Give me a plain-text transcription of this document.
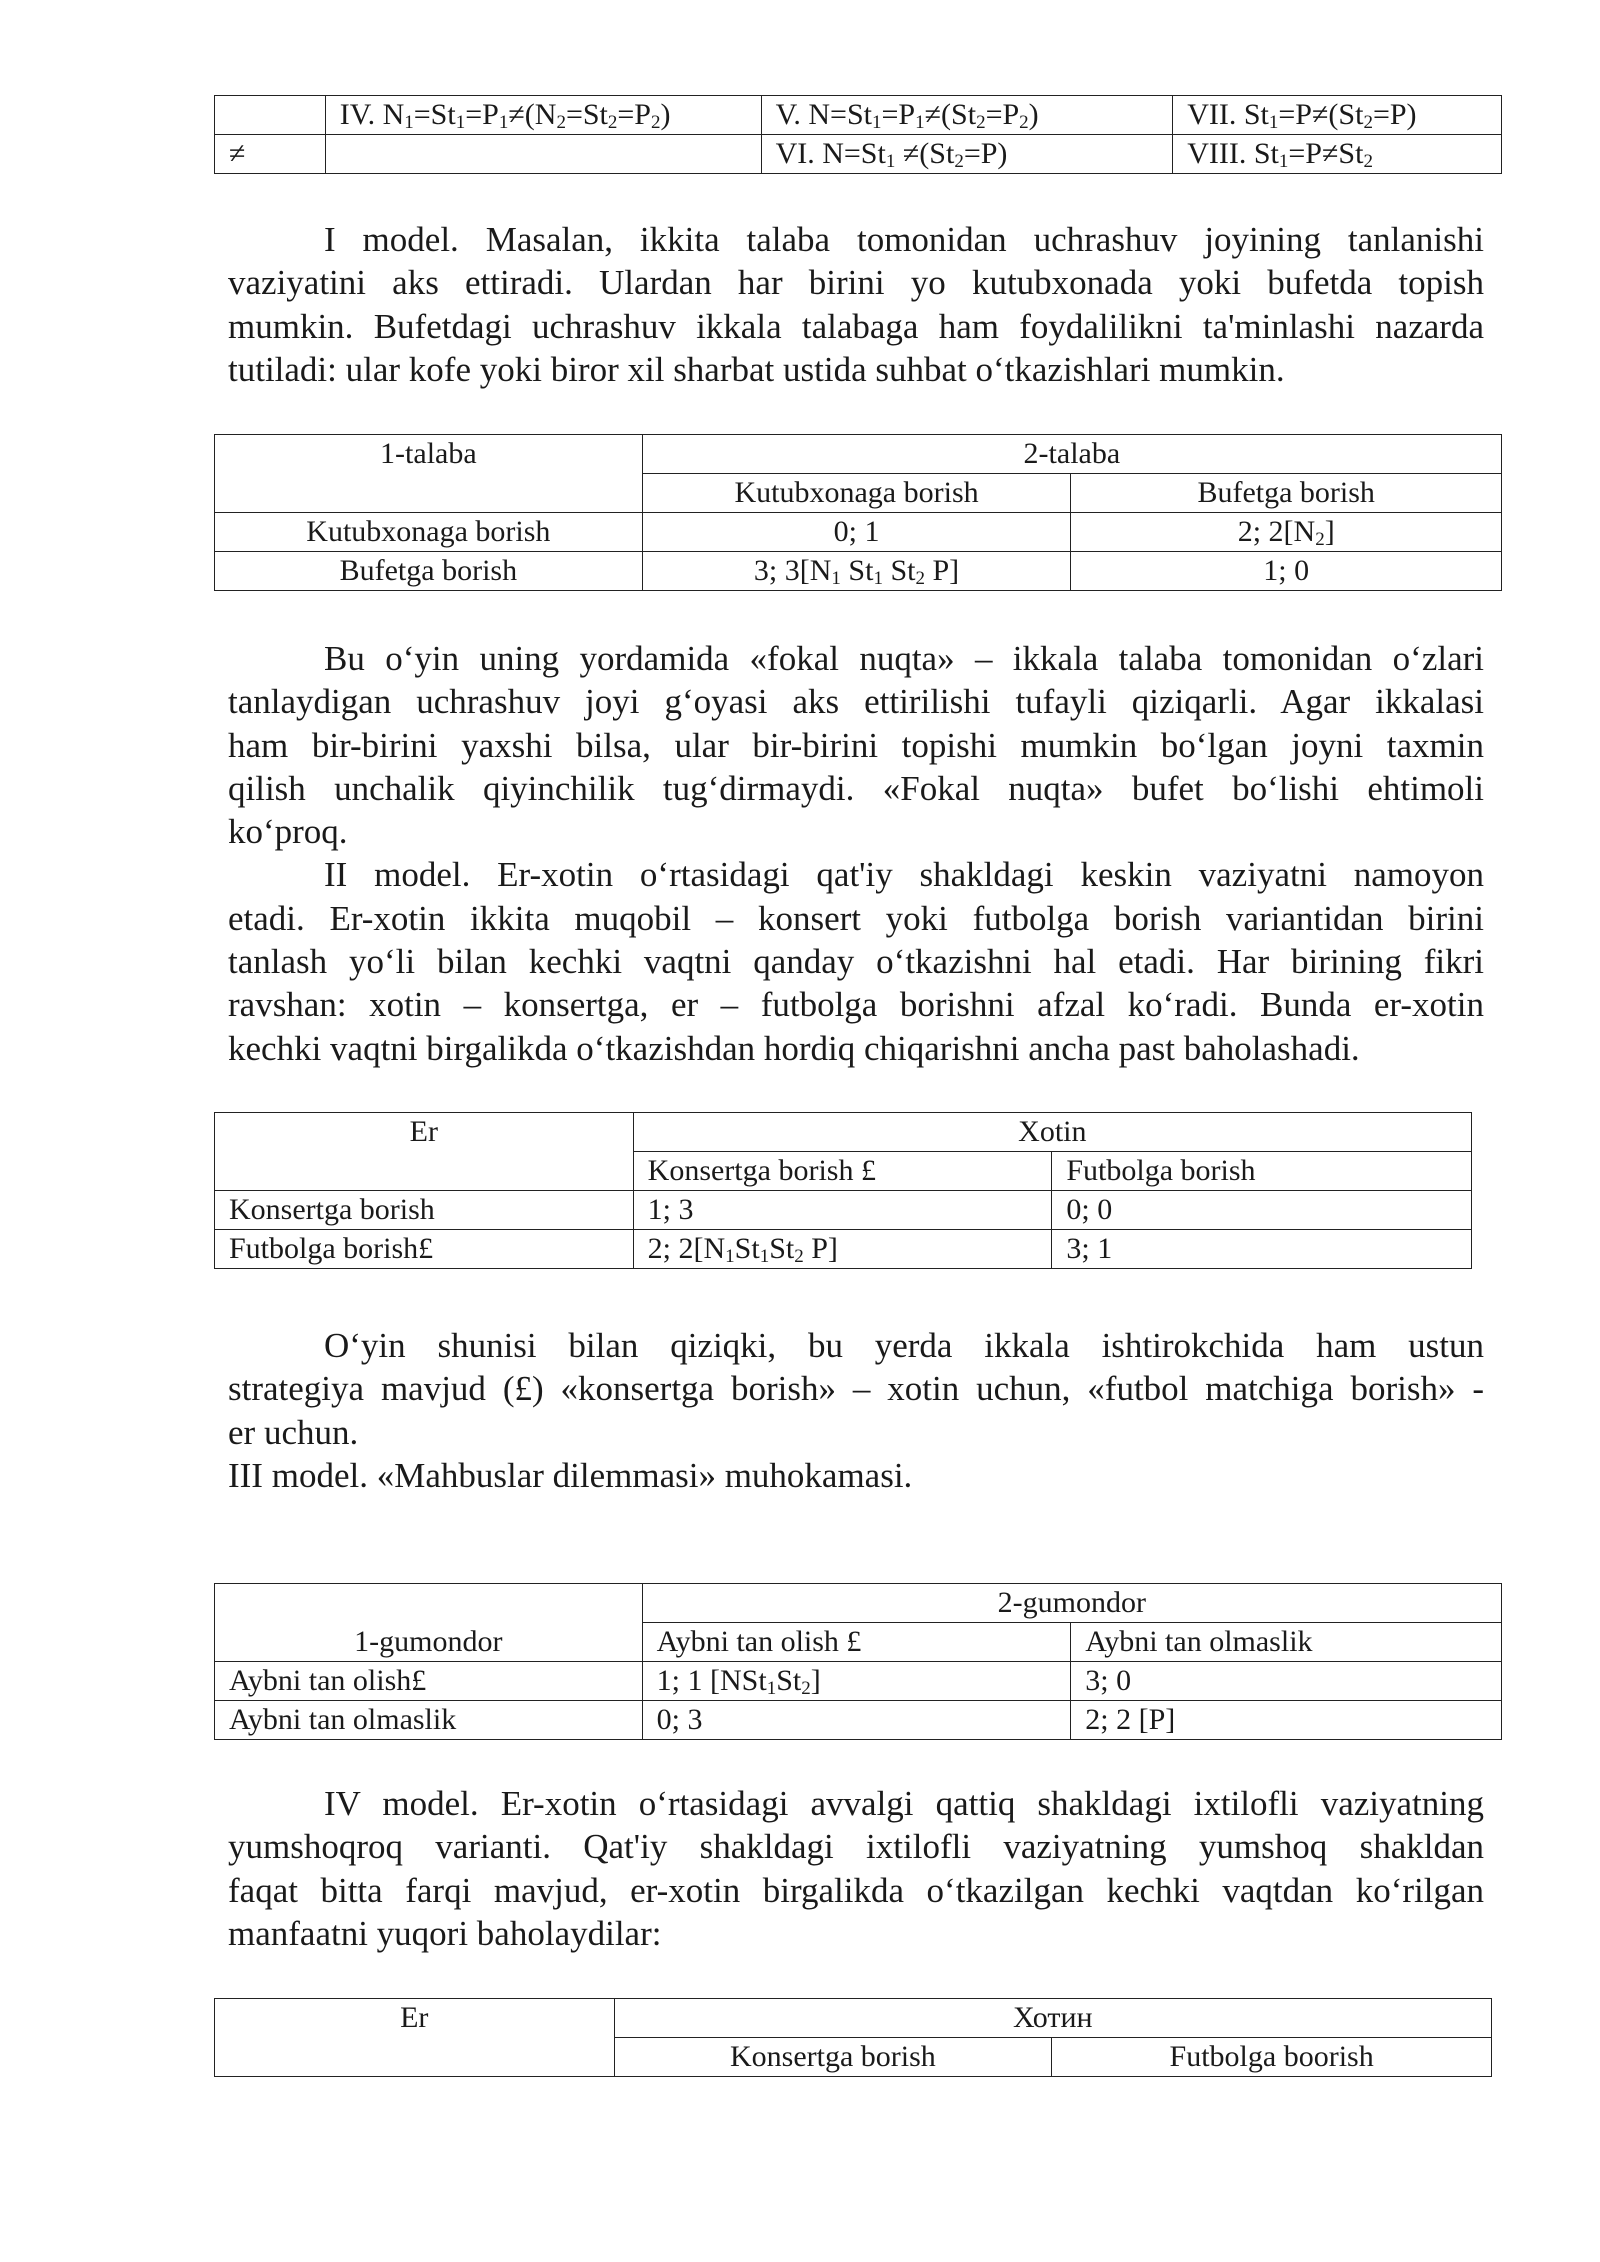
	IV. $N_1=St_1=P_1\ne(N_2=St_2=P_2)$	V. $N=St_1=P_1\ne(St_2=P_2)$	VII. $St_1=P\ne(St_2=P)$
≠		VI. $N=St_1 \ne(St_2=P)$	VIII. $St_1=P\ne St_2$

I model. Masalan, ikkita talaba tomonidan uchrashuv joyining tanlanishi
vaziyatini aks ettiradi. Ulardan har birini yo kutubxonada yoki bufetda topish
mumkin. Bufetdagi uchrashuv ikkala talabaga ham foydalilikni ta'minlashi nazarda
tutiladi: ular kofe yoki biror xil sharbat ustida suhbat o‘tkazishlari mumkin.

1-talaba	2-talaba	
	Kutubxonaga borish	Bufetga borish
Kutubxonaga borish	0; 1	2; $2[N_2]$
Bufetga borish	3; $3[N_1$ $St_1$ $St_2$ P]	1; 0

Bu o‘yin uning yordamida «fokal nuqta» – ikkala talaba tomonidan o‘zlari
tanlaydigan uchrashuv joyi g‘oyasi aks ettirilishi tufayli qiziqarli. Agar ikkalasi
ham bir-birini yaxshi bilsa, ular bir-birini topishi mumkin bo‘lgan joyni taxmin
qilish unchalik qiyinchilik tug‘dirmaydi. «Fokal nuqta» bufet bo‘lishi ehtimoli
ko‘proq.
II model. Er-xotin o‘rtasidagi qat'iy shakldagi keskin vaziyatni namoyon
etadi. Er-xotin ikkita muqobil – konsert yoki futbolga borish variantidan birini
tanlash yo‘li bilan kechki vaqtni qanday o‘tkazishni hal etadi. Har birining fikri
ravshan: xotin – konsertga, er – futbolga borishni afzal ko‘radi. Bunda er-xotin
kechki vaqtni birgalikda o‘tkazishdan hordiq chiqarishni ancha past baholashadi.

Er	Xotin	
	Konsertga borish £	Futbolga borish
Konsertga borish	1; 3	0; 0
Futbolga borish£	2; $2[N_1St_1St_2$ P]	3; 1

O‘yin shunisi bilan qiziqki, bu yerda ikkala ishtirokchida ham ustun
strategiya mavjud (£) «konsertga borish» – xotin uchun, «futbol matchiga borish» -
er uchun.
III model. «Mahbuslar dilemmasi» muhokamasi.

1-gumondor	2-gumondor	
	Aybni tan olish £	Aybni tan olmaslik
Aybni tan olish£	1; 1 $[NSt_1St_2]$	3; 0
Aybni tan olmaslik	0; 3	2; 2 [P]

IV model. Er-xotin o‘rtasidagi avvalgi qattiq shakldagi ixtilofli vaziyatning
yumshoqroq varianti. Qat'iy shakldagi ixtilofli vaziyatning yumshoq shakldan
faqat bitta farqi mavjud, er-xotin birgalikda o‘tkazilgan kechki vaqtdan ko‘rilgan
manfaatni yuqori baholaydilar:

Er	Хотин	
	Konsertga borish	Futbolga boorish
